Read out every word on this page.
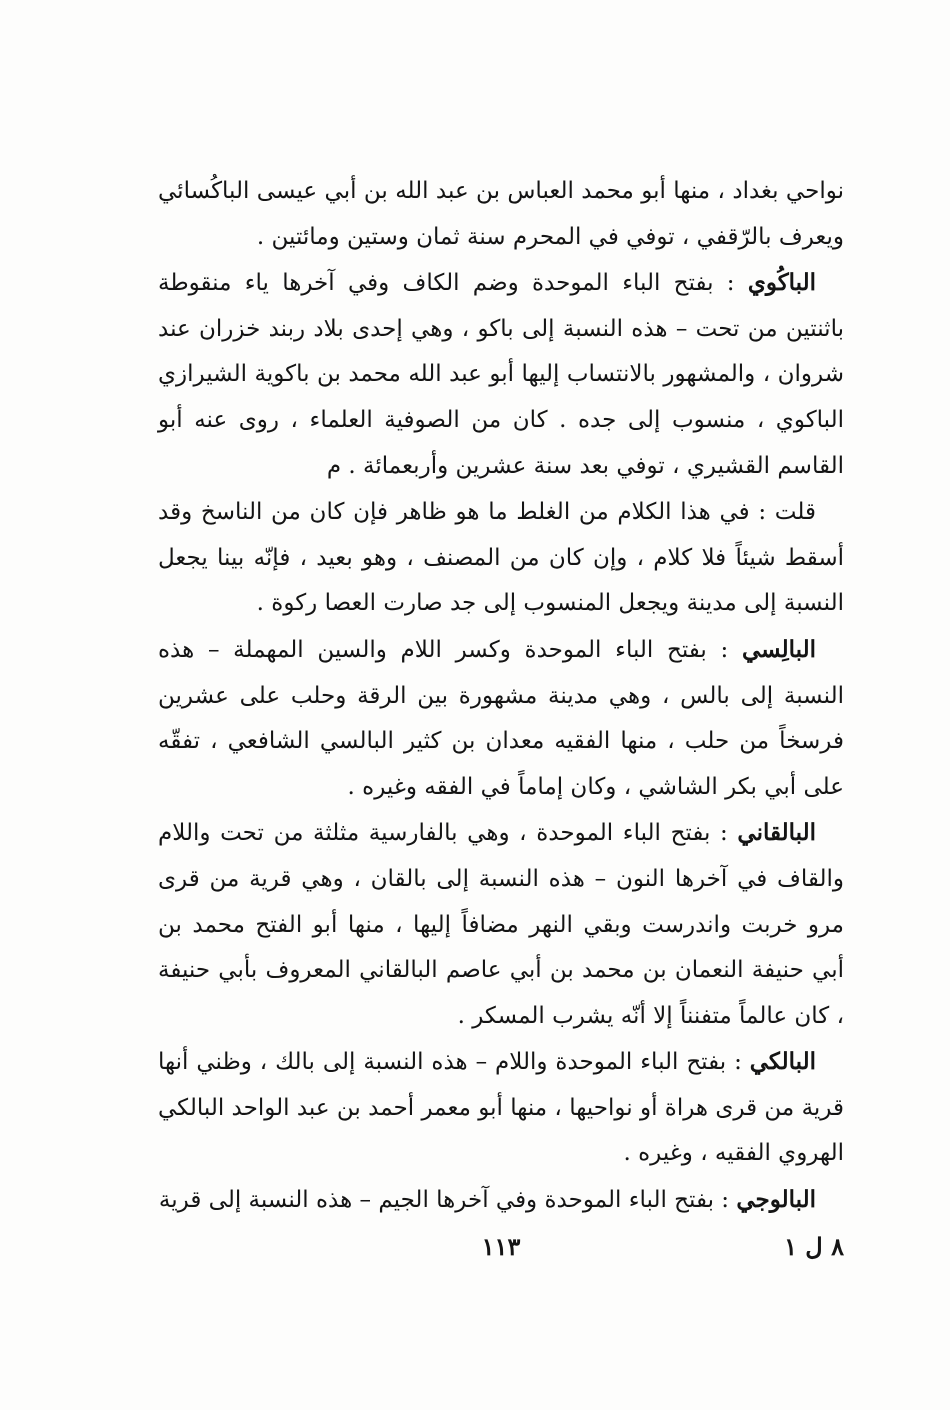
نواحي بغداد ، منها أبو محمد العباس بن عبد الله بن أبي عيسى الباكُسائي ويعرف بالرّقفي ، توفي في المحرم سنة ثمان وستين ومائتين .

الباكُوي : بفتح الباء الموحدة وضم الكاف وفي آخرها ياء منقوطة باثنتين من تحت – هذه النسبة إلى باكو ، وهي إحدى بلاد ربند خزران عند شروان ، والمشهور بالانتساب إليها أبو عبد الله محمد بن باكوية الشيرازي الباكوي ، منسوب إلى جده . كان من الصوفية العلماء ، روى عنه أبو القاسم القشيري ، توفي بعد سنة عشرين وأربعمائة . م

قلت : في هذا الكلام من الغلط ما هو ظاهر فإن كان من الناسخ وقد أسقط شيئاً فلا كلام ، وإن كان من المصنف ، وهو بعيد ، فإنّه بينا يجعل النسبة إلى مدينة ويجعل المنسوب إلى جد صارت العصا ركوة .

البالِسي : بفتح الباء الموحدة وكسر اللام والسين المهملة – هذه النسبة إلى بالس ، وهي مدينة مشهورة بين الرقة وحلب على عشرين فرسخاً من حلب ، منها الفقيه معدان بن كثير البالسي الشافعي ، تفقّه على أبي بكر الشاشي ، وكان إماماً في الفقه وغيره .

البالقاني : بفتح الباء الموحدة ، وهي بالفارسية مثلثة من تحت واللام والقاف في آخرها النون – هذه النسبة إلى بالقان ، وهي قرية من قرى مرو خربت واندرست وبقي النهر مضافاً إليها ، منها أبو الفتح محمد بن أبي حنيفة النعمان بن محمد بن أبي عاصم البالقاني المعروف بأبي حنيفة ، كان عالماً متفنناً إلا أنّه يشرب المسكر .

البالكي : بفتح الباء الموحدة واللام – هذه النسبة إلى بالك ، وظني أنها قرية من قرى هراة أو نواحيها ، منها أبو معمر أحمد بن عبد الواحد البالكي الهروي الفقيه ، وغيره .

البالوجي : بفتح الباء الموحدة وفي آخرها الجيم – هذه النسبة إلى قرية

٨ ل ١
١١٣
